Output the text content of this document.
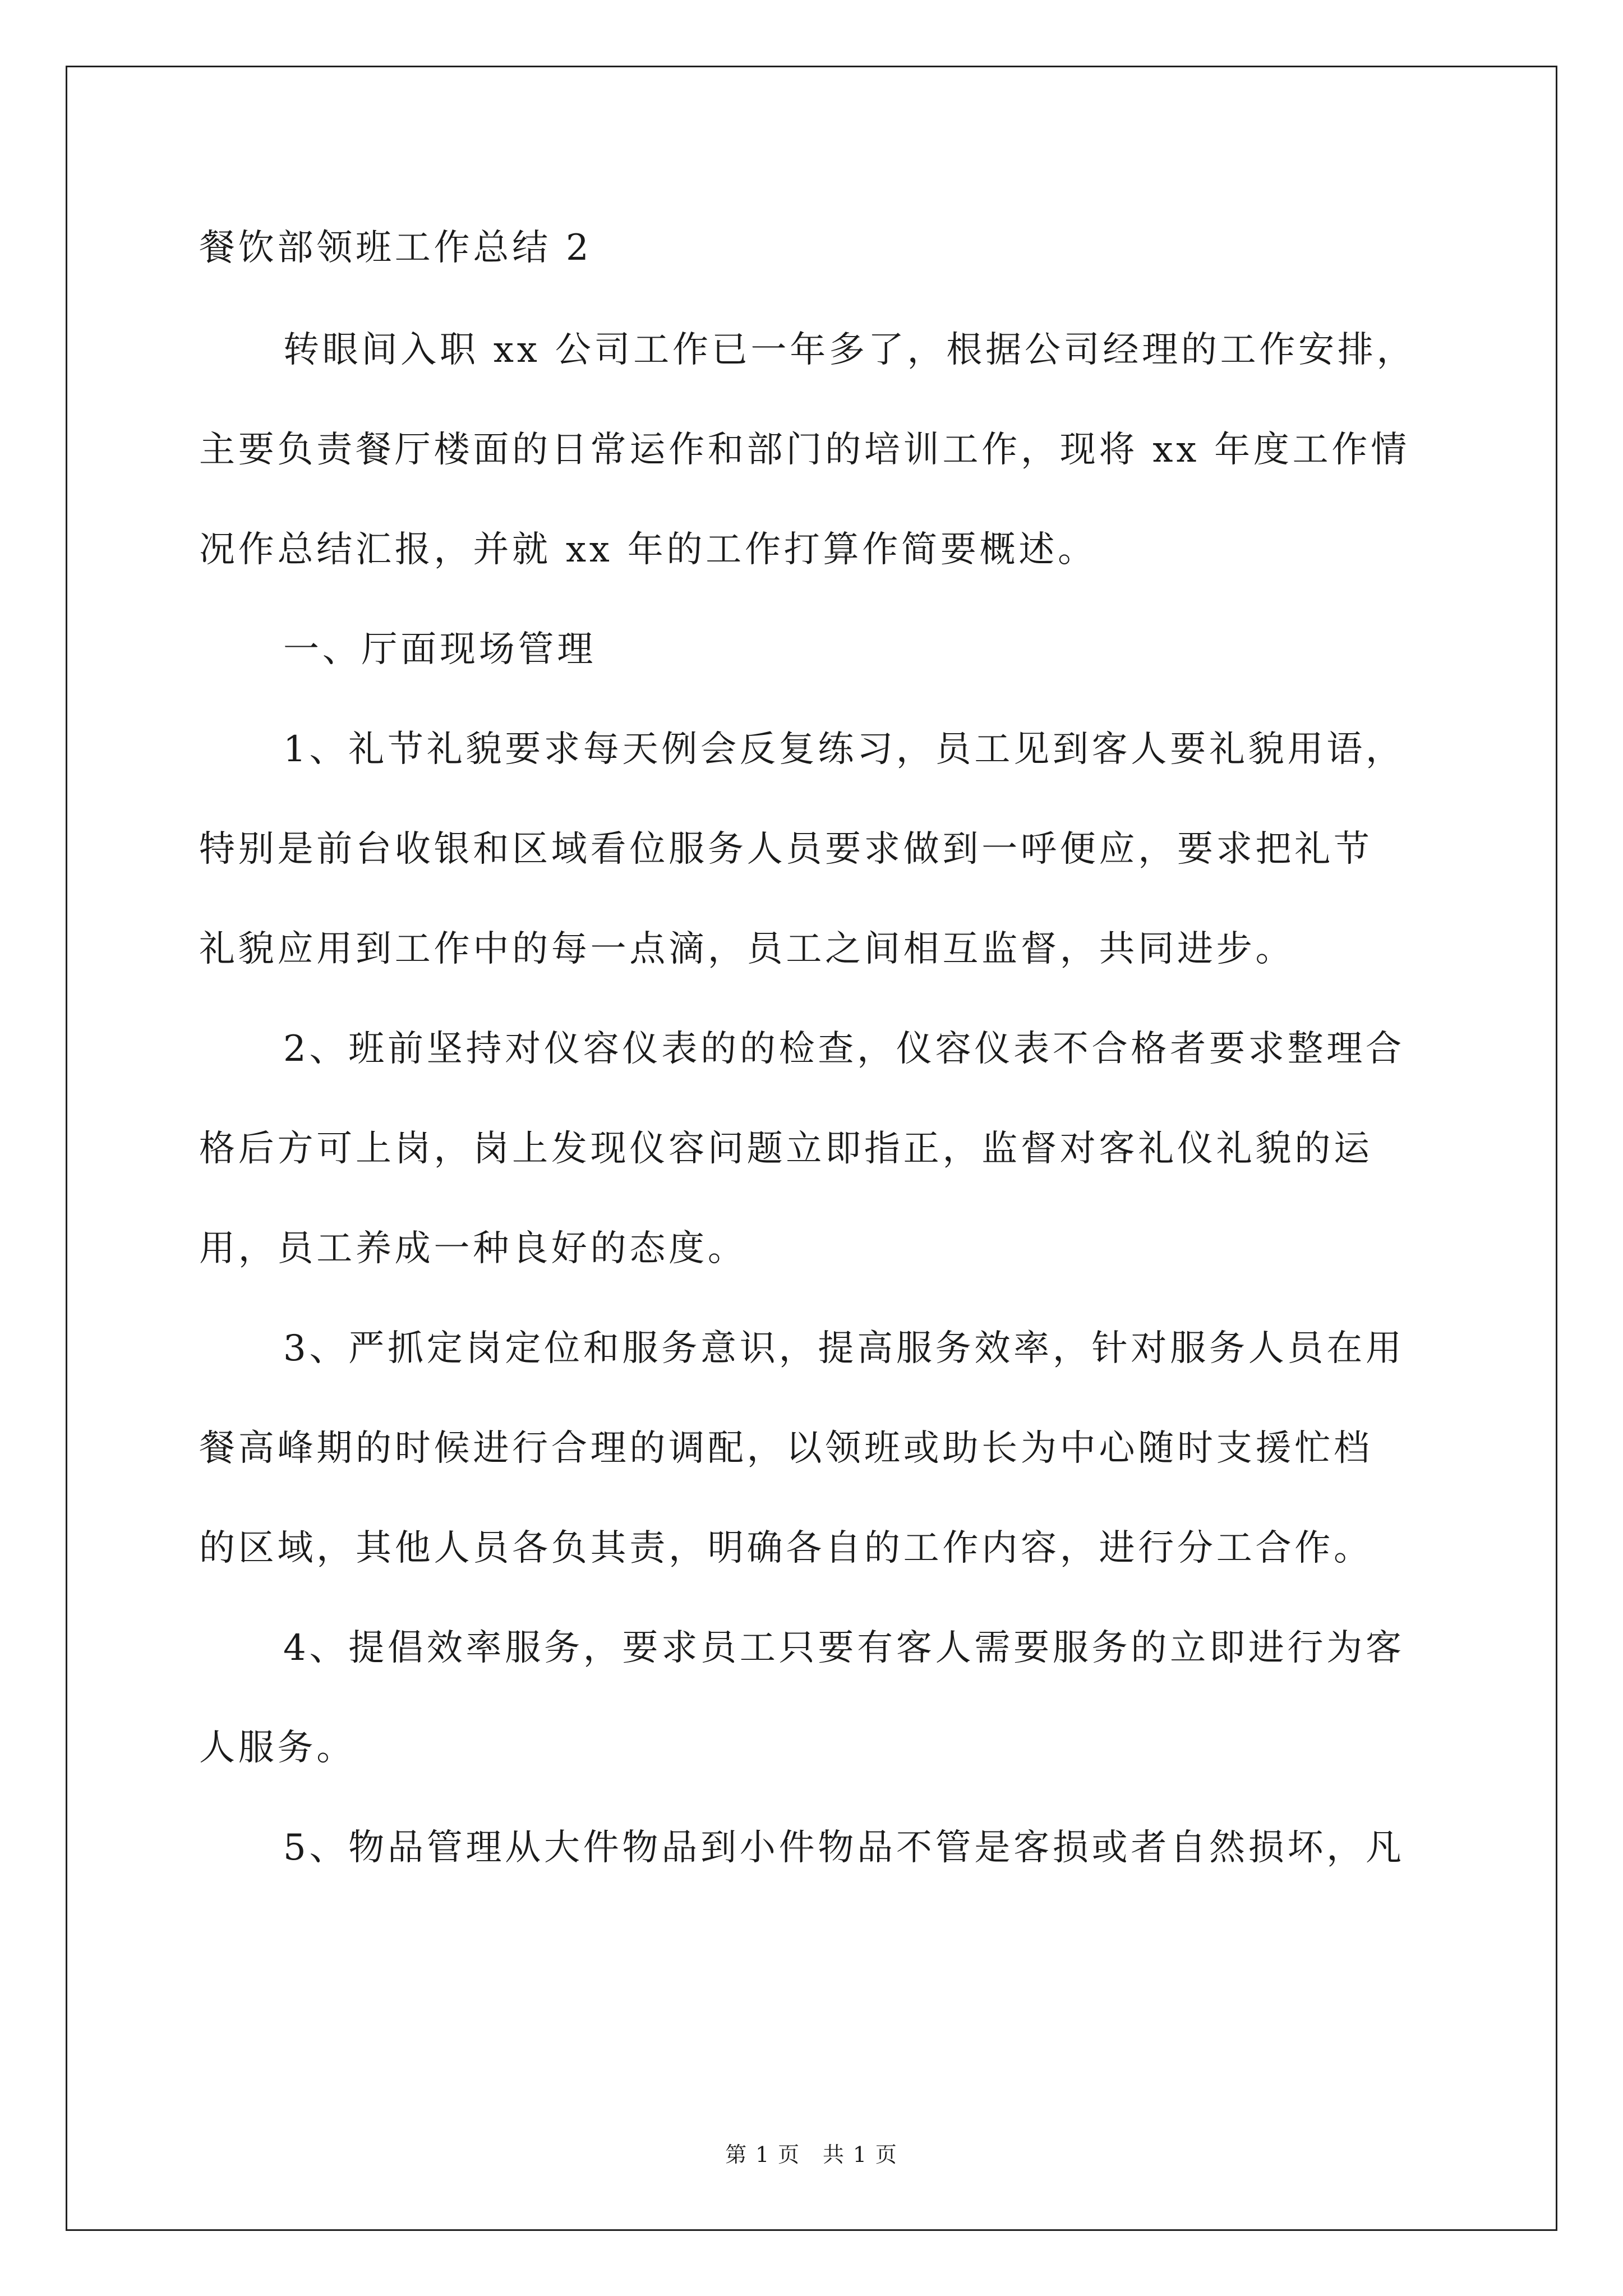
餐饮部领班工作总结 2
转眼间入职 xx 公司工作已一年多了，根据公司经理的工作安排，
主要负责餐厅楼面的日常运作和部门的培训工作，现将 xx 年度工作情
况作总结汇报，并就 xx 年的工作打算作简要概述。
一、厅面现场管理
1、礼节礼貌要求每天例会反复练习，员工见到客人要礼貌用语，
特别是前台收银和区域看位服务人员要求做到一呼便应，要求把礼节
礼貌应用到工作中的每一点滴，员工之间相互监督，共同进步。
2、班前坚持对仪容仪表的的检查，仪容仪表不合格者要求整理合
格后方可上岗，岗上发现仪容问题立即指正，监督对客礼仪礼貌的运
用，员工养成一种良好的态度。
3、严抓定岗定位和服务意识，提高服务效率，针对服务人员在用
餐高峰期的时候进行合理的调配，以领班或助长为中心随时支援忙档
的区域，其他人员各负其责，明确各自的工作内容，进行分工合作。
4、提倡效率服务，要求员工只要有客人需要服务的立即进行为客
人服务。
5、物品管理从大件物品到小件物品不管是客损或者自然损坏，凡
第 1 页　共 1 页
